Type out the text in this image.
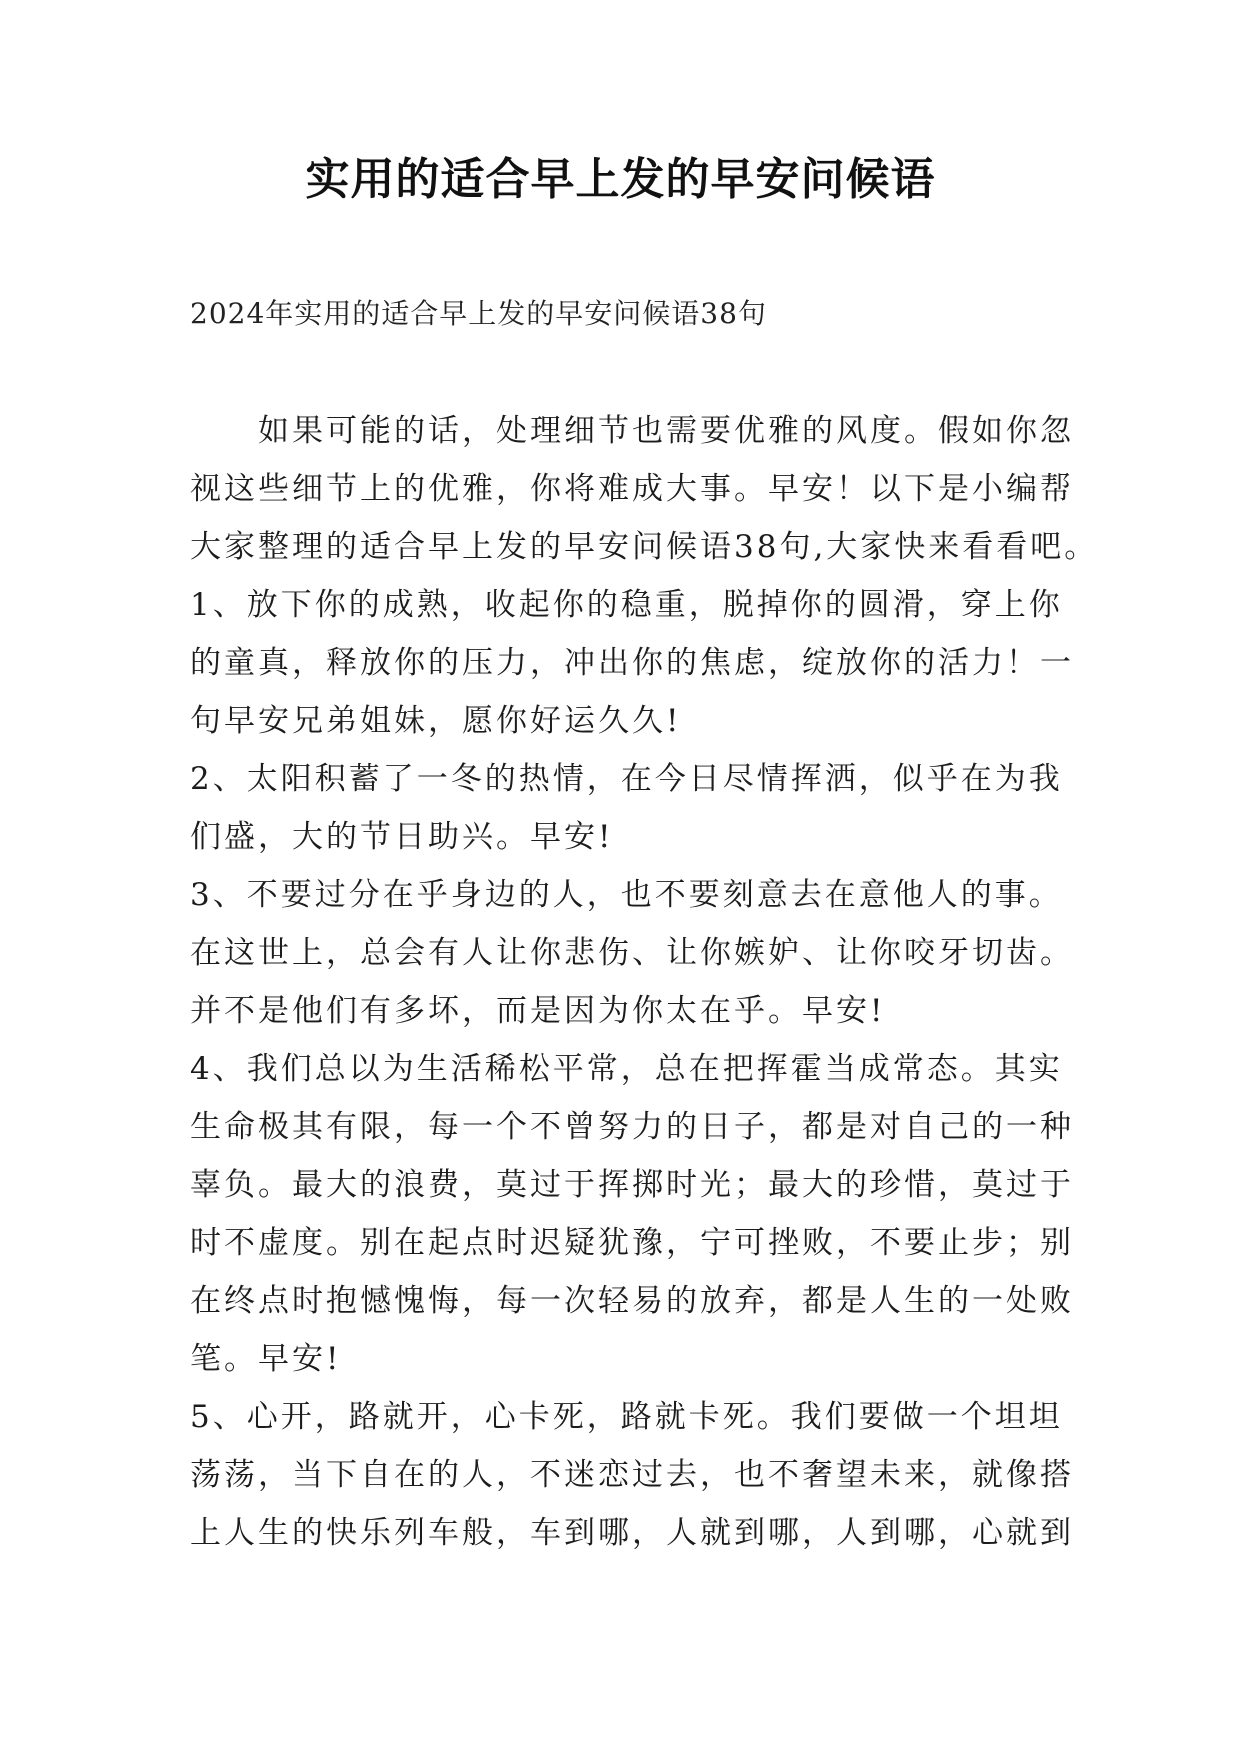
实用的适合早上发的早安问候语
2024年实用的适合早上发的早安问候语38句
　　如果可能的话，处理细节也需要优雅的风度。假如你忽
视这些细节上的优雅，你将难成大事。早安！以下是小编帮
大家整理的适合早上发的早安问候语38句,大家快来看看吧。
1、放下你的成熟，收起你的稳重，脱掉你的圆滑，穿上你
的童真，释放你的压力，冲出你的焦虑，绽放你的活力！一
句早安兄弟姐妹，愿你好运久久!
2、太阳积蓄了一冬的热情，在今日尽情挥洒，似乎在为我
们盛，大的节日助兴。早安!
3、不要过分在乎身边的人，也不要刻意去在意他人的事。
在这世上，总会有人让你悲伤、让你嫉妒、让你咬牙切齿。
并不是他们有多坏，而是因为你太在乎。早安!
4、我们总以为生活稀松平常，总在把挥霍当成常态。其实
生命极其有限，每一个不曾努力的日子，都是对自己的一种
辜负。最大的浪费，莫过于挥掷时光；最大的珍惜，莫过于
时不虚度。别在起点时迟疑犹豫，宁可挫败，不要止步；别
在终点时抱憾愧悔，每一次轻易的放弃，都是人生的一处败
笔。早安!
5、心开，路就开，心卡死，路就卡死。我们要做一个坦坦
荡荡，当下自在的人，不迷恋过去，也不奢望未来，就像搭
上人生的快乐列车般，车到哪，人就到哪，人到哪，心就到
